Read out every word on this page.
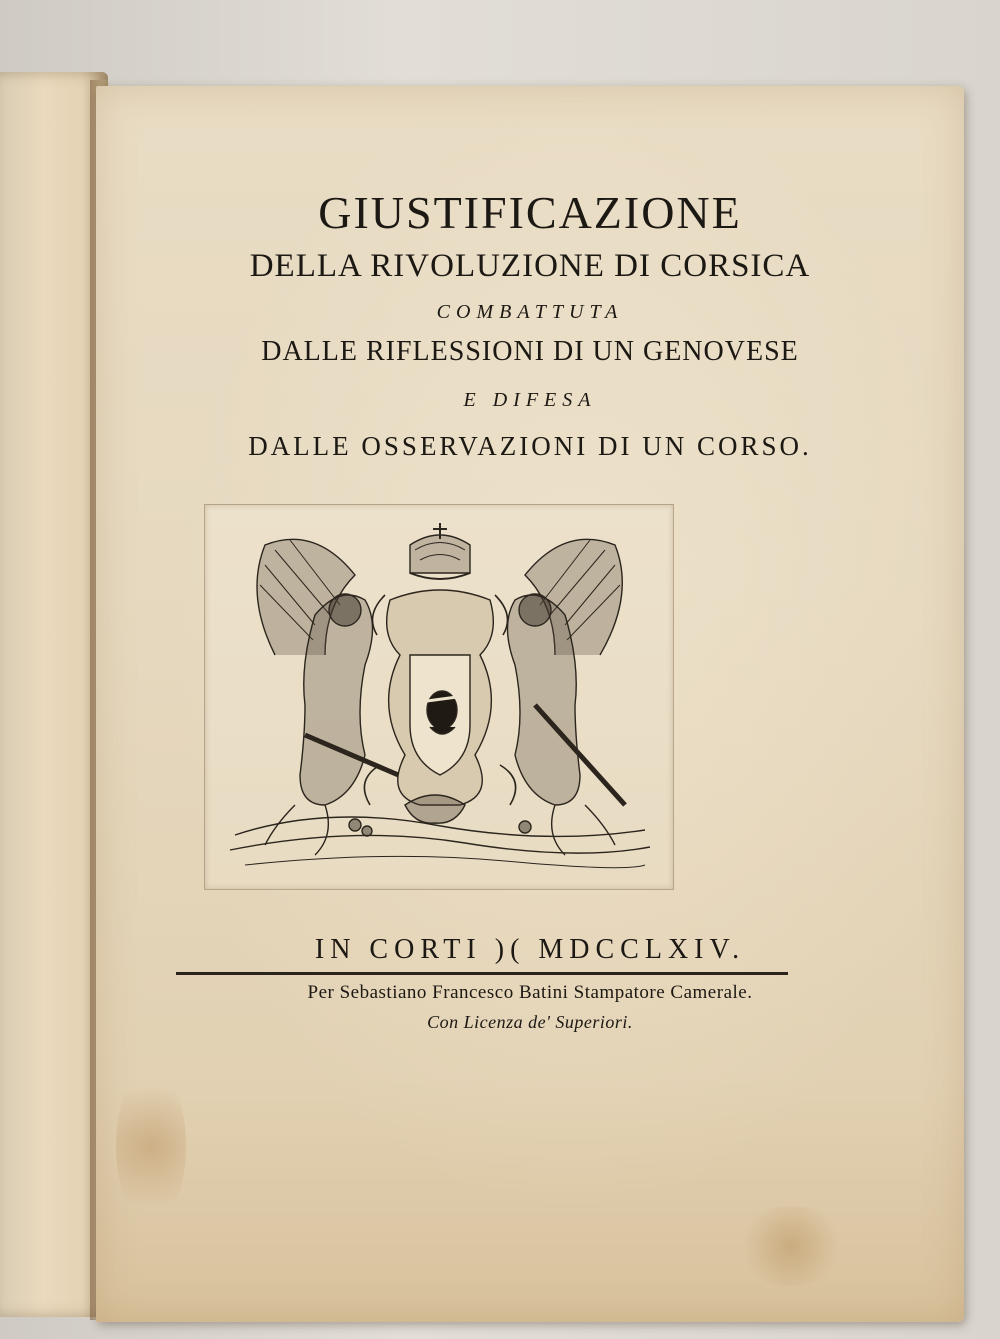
GIUSTIFICAZIONE
DELLA RIVOLUZIONE DI CORSICA
COMBATTUTA
DALLE RIFLESSIONI DI UN GENOVESE
E DIFESA
DALLE OSSERVAZIONI DI UN CORSO.
IN CORTI )( MDCCLXIV.
Per Sebastiano Francesco Batini Stampatore Camerale.
Con Licenza de' Superiori.
